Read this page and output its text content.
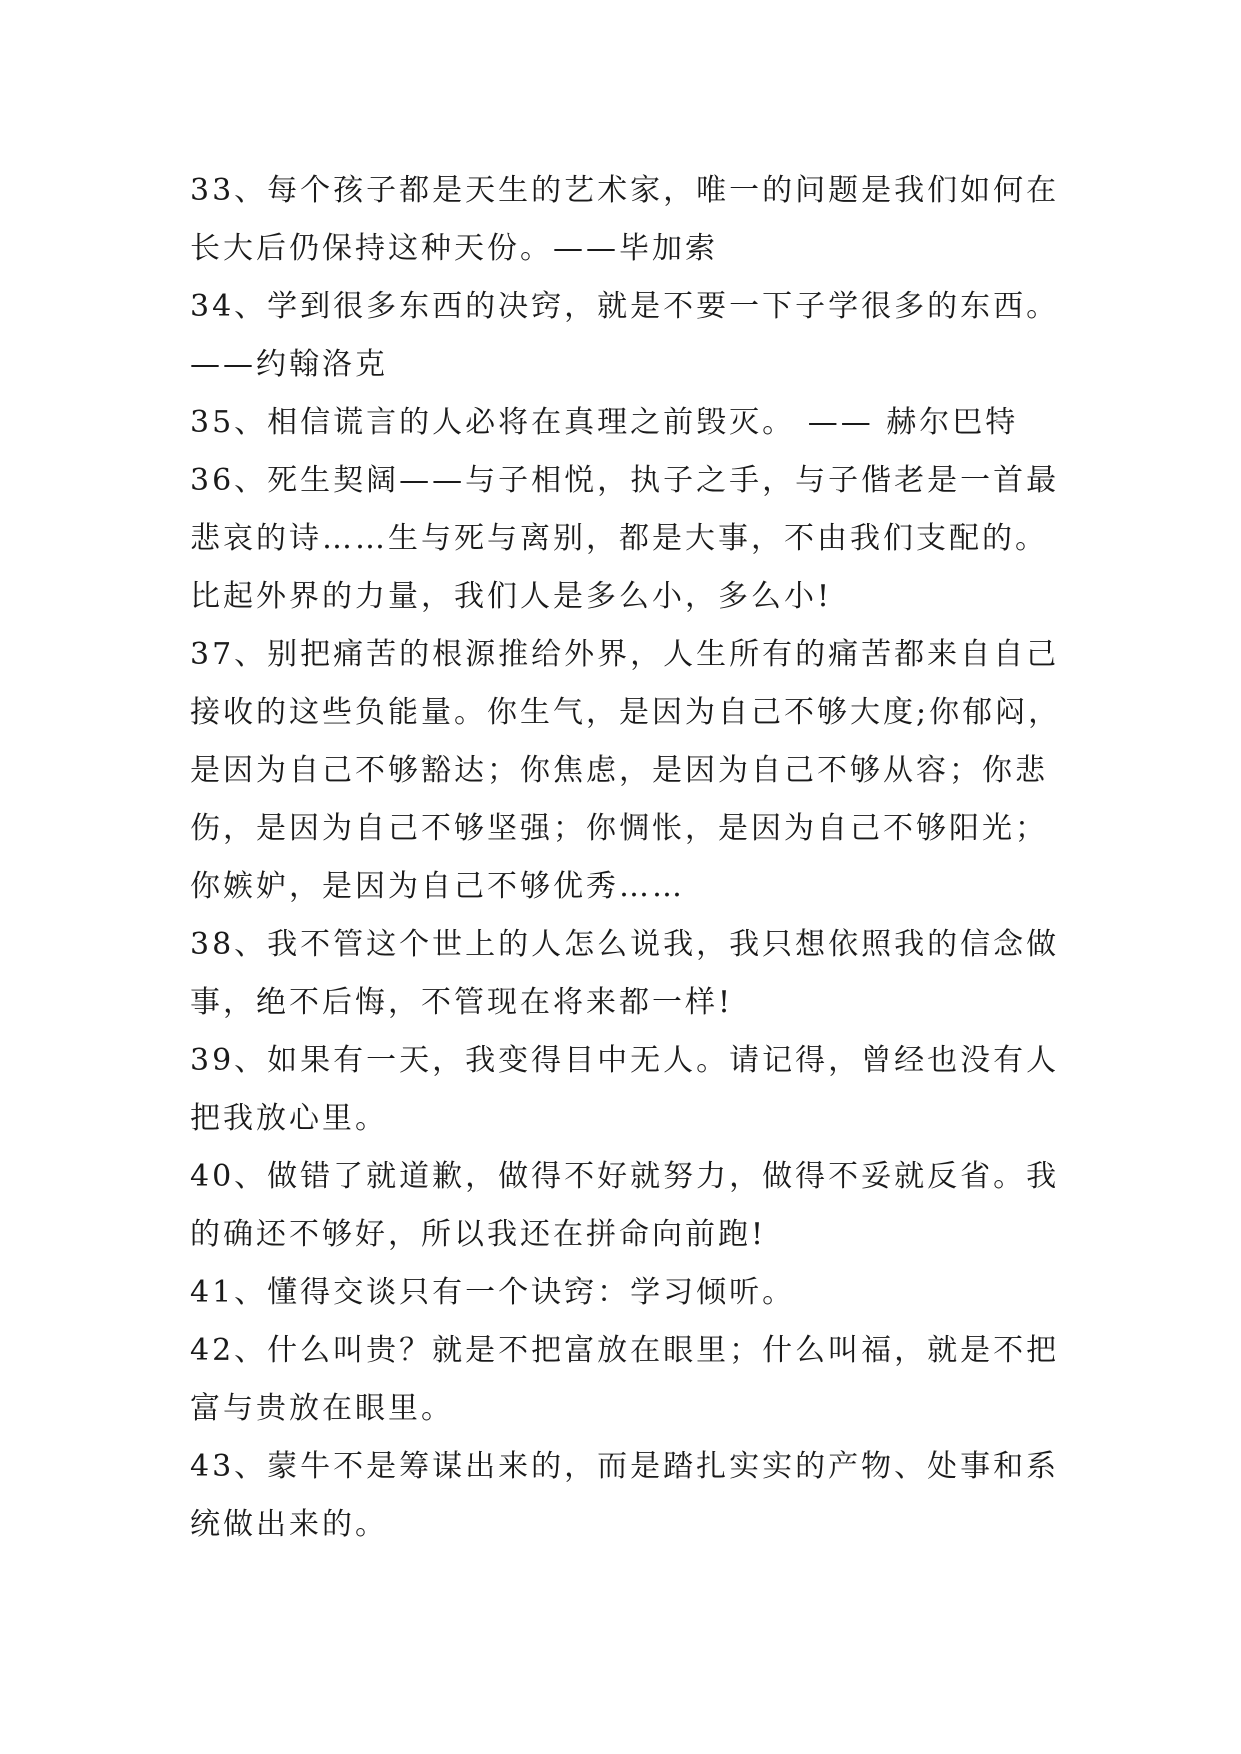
33、每个孩子都是天生的艺术家，唯一的问题是我们如何在
长大后仍保持这种天份。——毕加索
34、学到很多东西的决窍，就是不要一下子学很多的东西。
——约翰洛克
35、相信谎言的人必将在真理之前毁灭。 —— 赫尔巴特
36、死生契阔——与子相悦，执子之手，与子偕老是一首最
悲哀的诗……生与死与离别，都是大事，不由我们支配的。
比起外界的力量，我们人是多么小，多么小!
37、别把痛苦的根源推给外界，人生所有的痛苦都来自自己
接收的这些负能量。你生气，是因为自己不够大度;你郁闷，
是因为自己不够豁达；你焦虑，是因为自己不够从容；你悲
伤，是因为自己不够坚强；你惆怅，是因为自己不够阳光；
你嫉妒，是因为自己不够优秀……
38、我不管这个世上的人怎么说我，我只想依照我的信念做
事，绝不后悔，不管现在将来都一样!
39、如果有一天，我变得目中无人。请记得，曾经也没有人
把我放心里。
40、做错了就道歉，做得不好就努力，做得不妥就反省。我
的确还不够好，所以我还在拼命向前跑!
41、懂得交谈只有一个诀窍：学习倾听。
42、什么叫贵？就是不把富放在眼里；什么叫福，就是不把
富与贵放在眼里。
43、蒙牛不是筹谋出来的，而是踏扎实实的产物、处事和系
统做出来的。
